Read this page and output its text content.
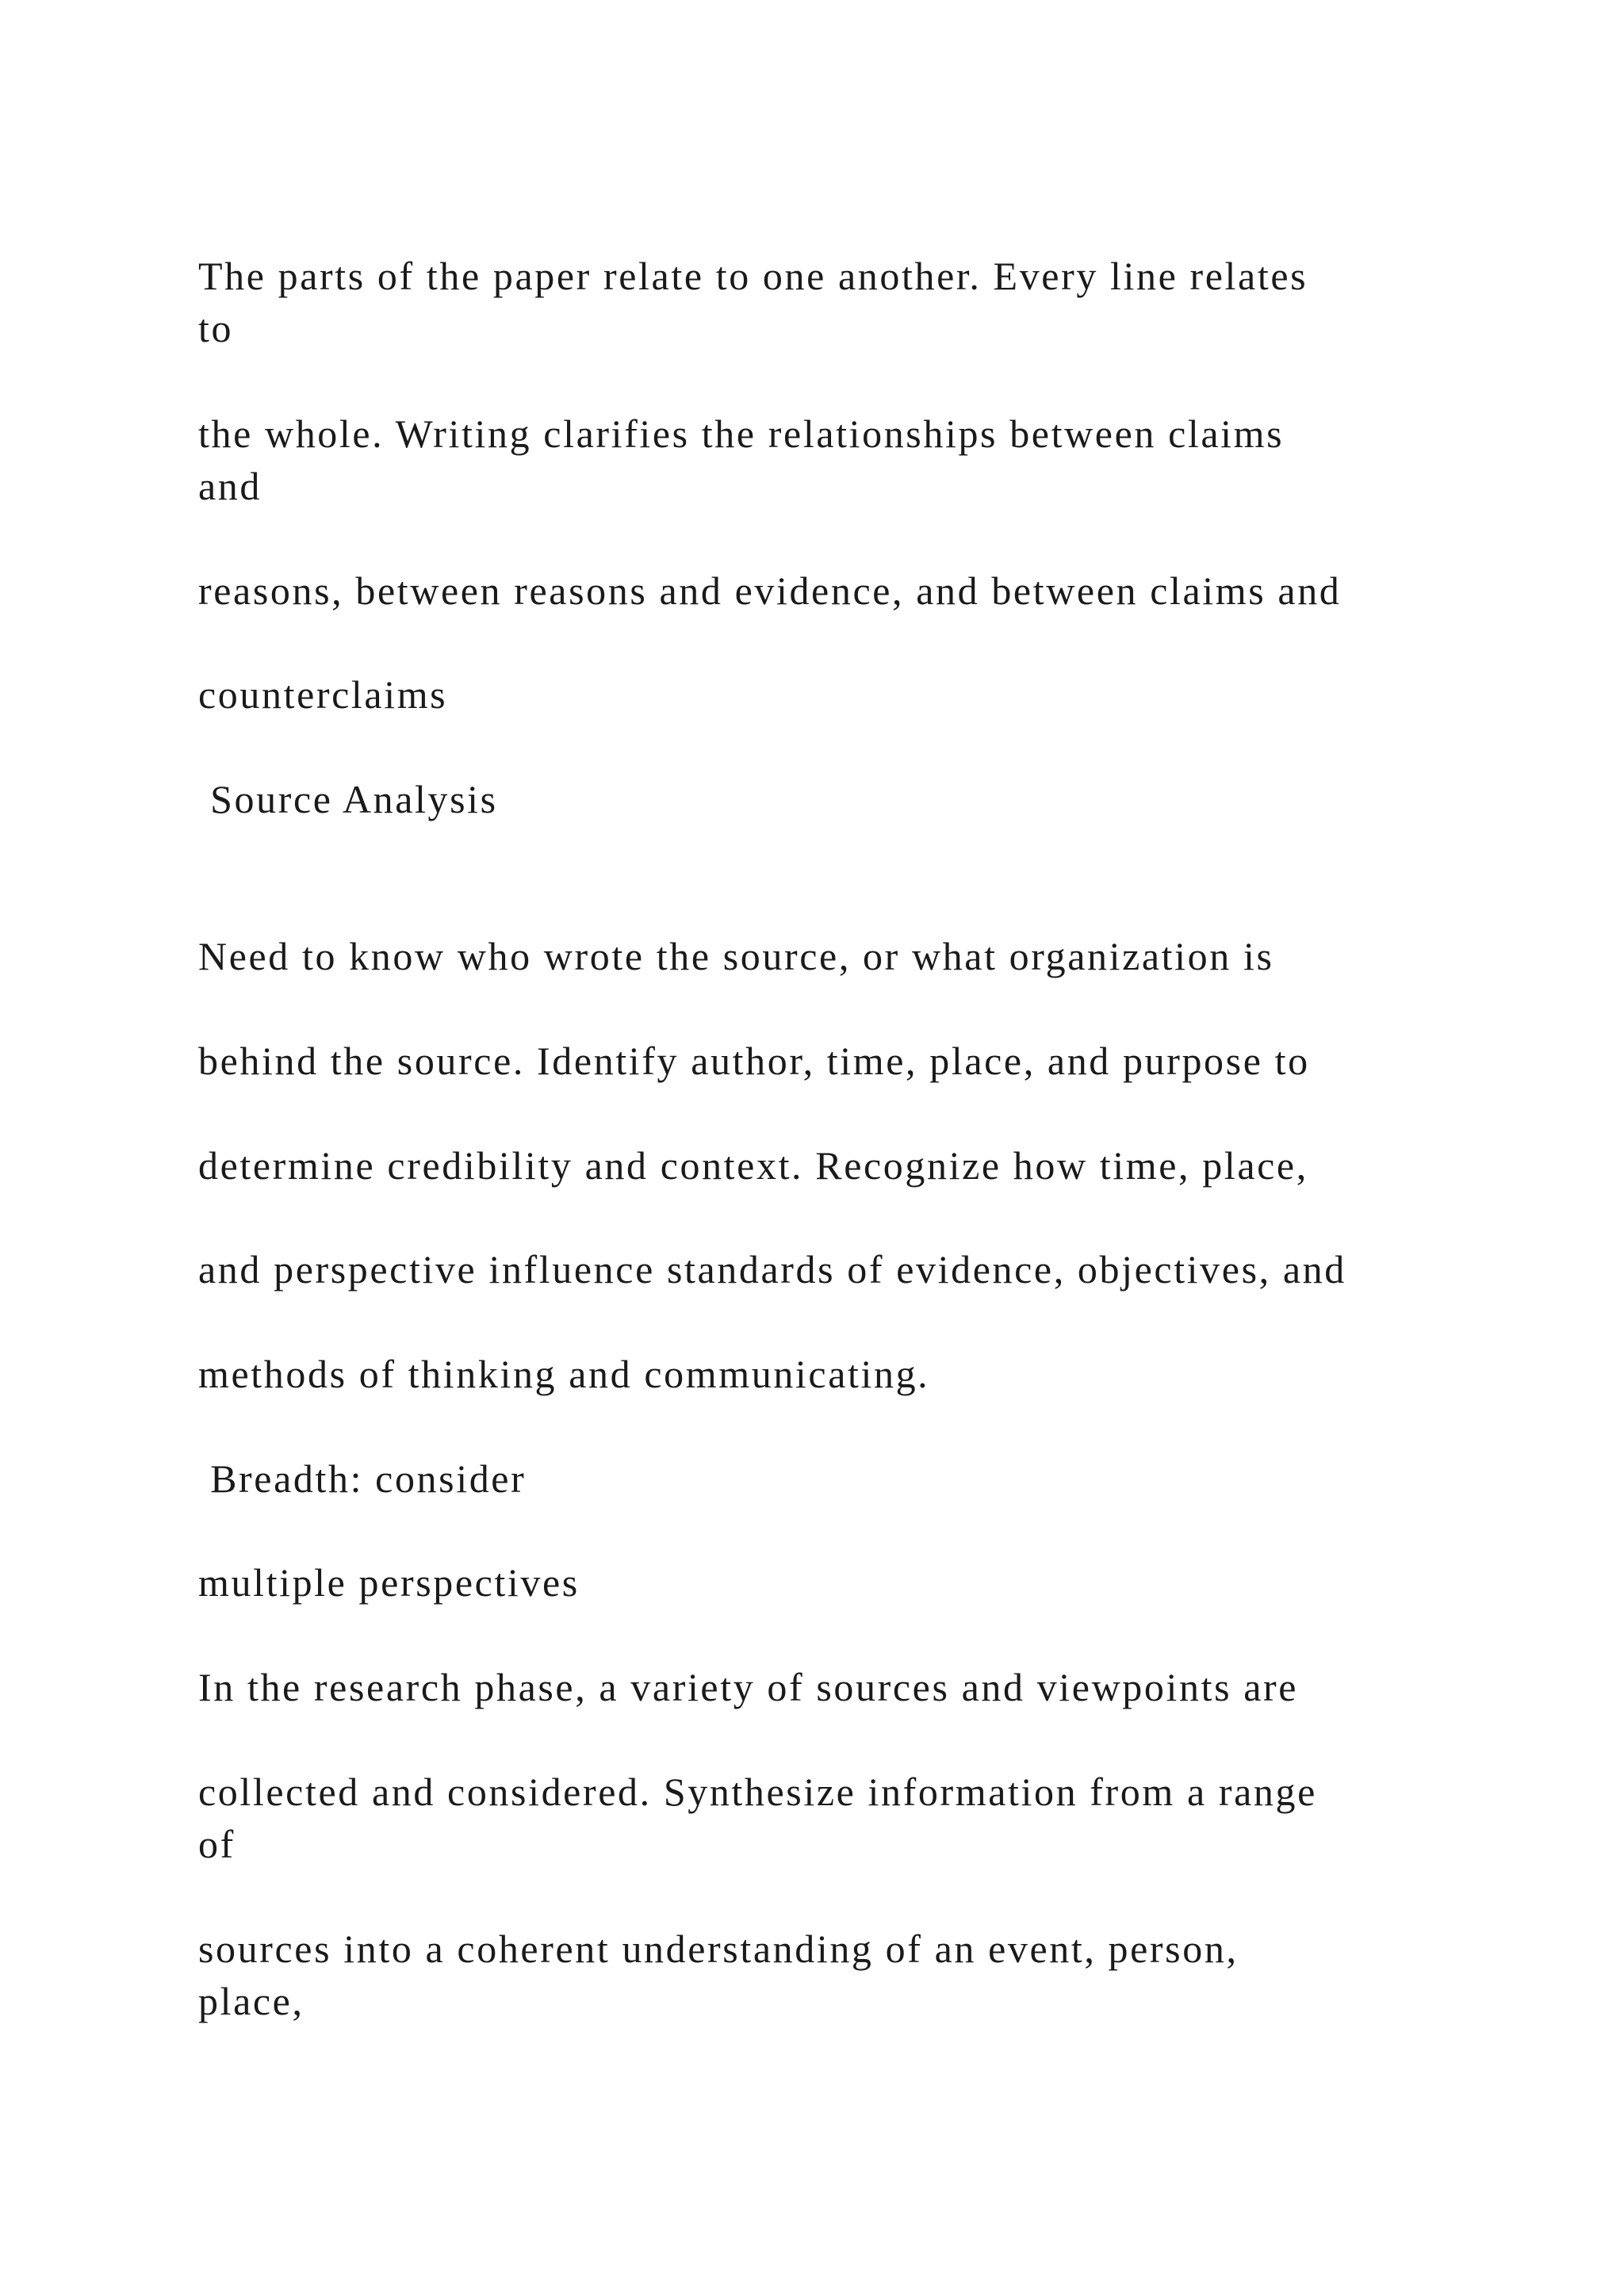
The parts of the paper relate to one another. Every line relates

to

the whole. Writing clarifies the relationships between claims

and

reasons, between reasons and evidence, and between claims and

counterclaims

Source Analysis

Need to know who wrote the source, or what organization is

behind the source. Identify author, time, place, and purpose to

determine credibility and context. Recognize how time, place,

and perspective influence standards of evidence, objectives, and

methods of thinking and communicating.

Breadth: consider

multiple perspectives

In the research phase, a variety of sources and viewpoints are

collected and considered. Synthesize information from a range

of

sources into a coherent understanding of an event, person,

place,
